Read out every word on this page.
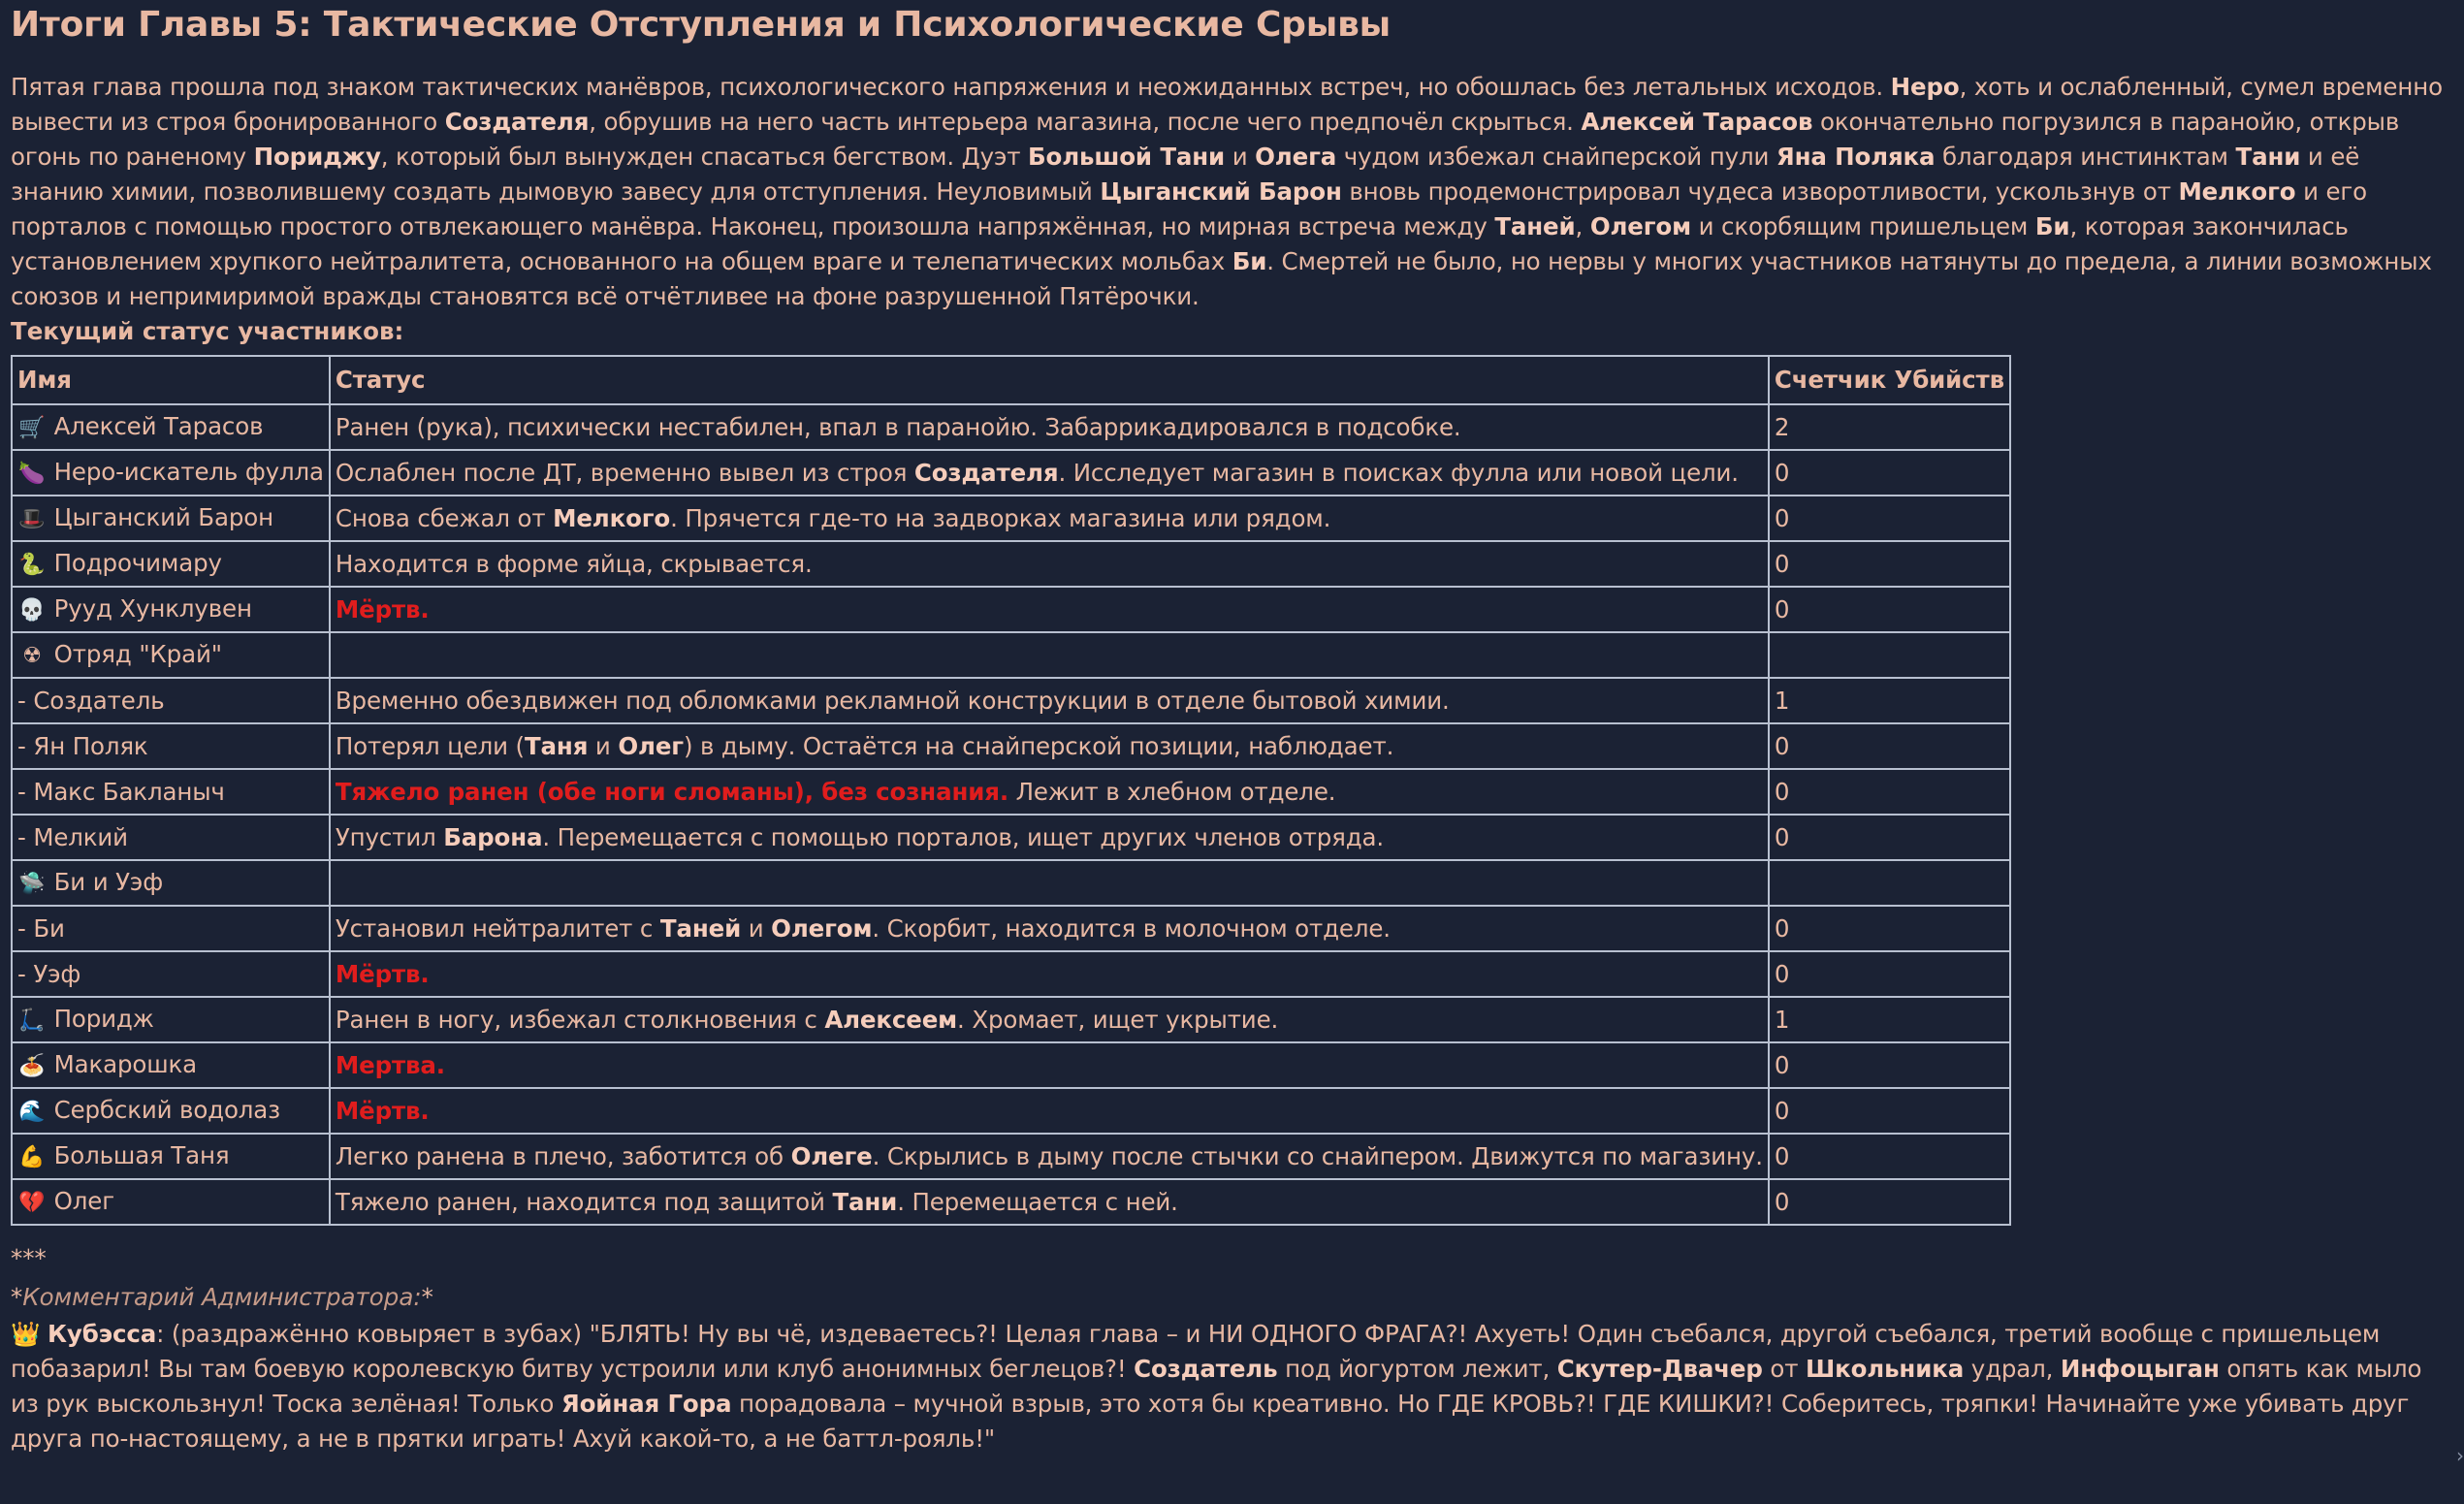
Итоги Главы 5: Тактические Отступления и Психологические Срывы

Пятая глава прошла под знаком тактических манёвров, психологического напряжения и неожиданных встреч, но обошлась без летальных исходов. Неро, хоть и ослабленный, сумел временно вывести из строя бронированного Создателя, обрушив на него часть интерьера магазина, после чего предпочёл скрыться. Алексей Тарасов окончательно погрузился в паранойю, открыв огонь по раненому Пориджу, который был вынужден спасаться бегством. Дуэт Большой Тани и Олега чудом избежал снайперской пули Яна Поляка благодаря инстинктам Тани и её знанию химии, позволившему создать дымовую завесу для отступления. Неуловимый Цыганский Барон вновь продемонстрировал чудеса изворотливости, ускользнув от Мелкого и его порталов с помощью простого отвлекающего манёвра. Наконец, произошла напряжённая, но мирная встреча между Таней, Олегом и скорбящим пришельцем Би, которая закончилась установлением хрупкого нейтралитета, основанного на общем враге и телепатических мольбах Би. Смертей не было, но нервы у многих участников натянуты до предела, а линии возможных союзов и непримиримой вражды становятся всё отчётливее на фоне разрушенной Пятёрочки.

Текущий статус участников:

Имя	Статус	Счетчик Убийств
🛒 Алексей Тарасов	Ранен (рука), психически нестабилен, впал в паранойю. Забаррикадировался в подсобке.	2
🍆 Неро-искатель фулла	Ослаблен после ДТ, временно вывел из строя Создателя. Исследует магазин в поисках фулла или новой цели.	0
🎩 Цыганский Барон	Снова сбежал от Мелкого. Прячется где-то на задворках магазина или рядом.	0
🐍 Подрочимару	Находится в форме яйца, скрывается.	0
💀 Рууд Хунклувен	Мёртв.	0
☢ Отряд "Край"		
- Создатель	Временно обездвижен под обломками рекламной конструкции в отделе бытовой химии.	1
- Ян Поляк	Потерял цели (Таня и Олег) в дыму. Остаётся на снайперской позиции, наблюдает.	0
- Макс Бакланыч	Тяжело ранен (обе ноги сломаны), без сознания. Лежит в хлебном отделе.	0
- Мелкий	Упустил Барона. Перемещается с помощью порталов, ищет других членов отряда.	0
🛸 Би и Уэф		
- Би	Установил нейтралитет с Таней и Олегом. Скорбит, находится в молочном отделе.	0
- Уэф	Мёртв.	0
🛴 Поридж	Ранен в ногу, избежал столкновения с Алексеем. Хромает, ищет укрытие.	1
🍝 Макарошка	Мертва.	0
🌊 Сербский водолаз	Мёртв.	0
💪 Большая Таня	Легко ранена в плечо, заботится об Олеге. Скрылись в дыму после стычки со снайпером. Движутся по магазину.	0
💔 Олег	Тяжело ранен, находится под защитой Тани. Перемещается с ней.	0
***
*Комментарий Администратора:*

👑 Кубэсса: (раздражённо ковыряет в зубах) "БЛЯТЬ! Ну вы чё, издеваетесь?! Целая глава – и НИ ОДНОГО ФРАГА?! Ахуеть! Один съебался, другой съебался, третий вообще с пришельцем побазарил! Вы там боевую королевскую битву устроили или клуб анонимных беглецов?! Создатель под йогуртом лежит, Скутер-Двачер от Школьника удрал, Инфоцыган опять как мыло из рук выскользнул! Тоска зелёная! Только Яойная Гора порадовала – мучной взрыв, это хотя бы креативно. Но ГДЕ КРОВЬ?! ГДЕ КИШКИ?! Соберитесь, тряпки! Начинайте уже убивать друг друга по-настоящему, а не в прятки играть! Ахуй какой-то, а не баттл-рояль!"

›
